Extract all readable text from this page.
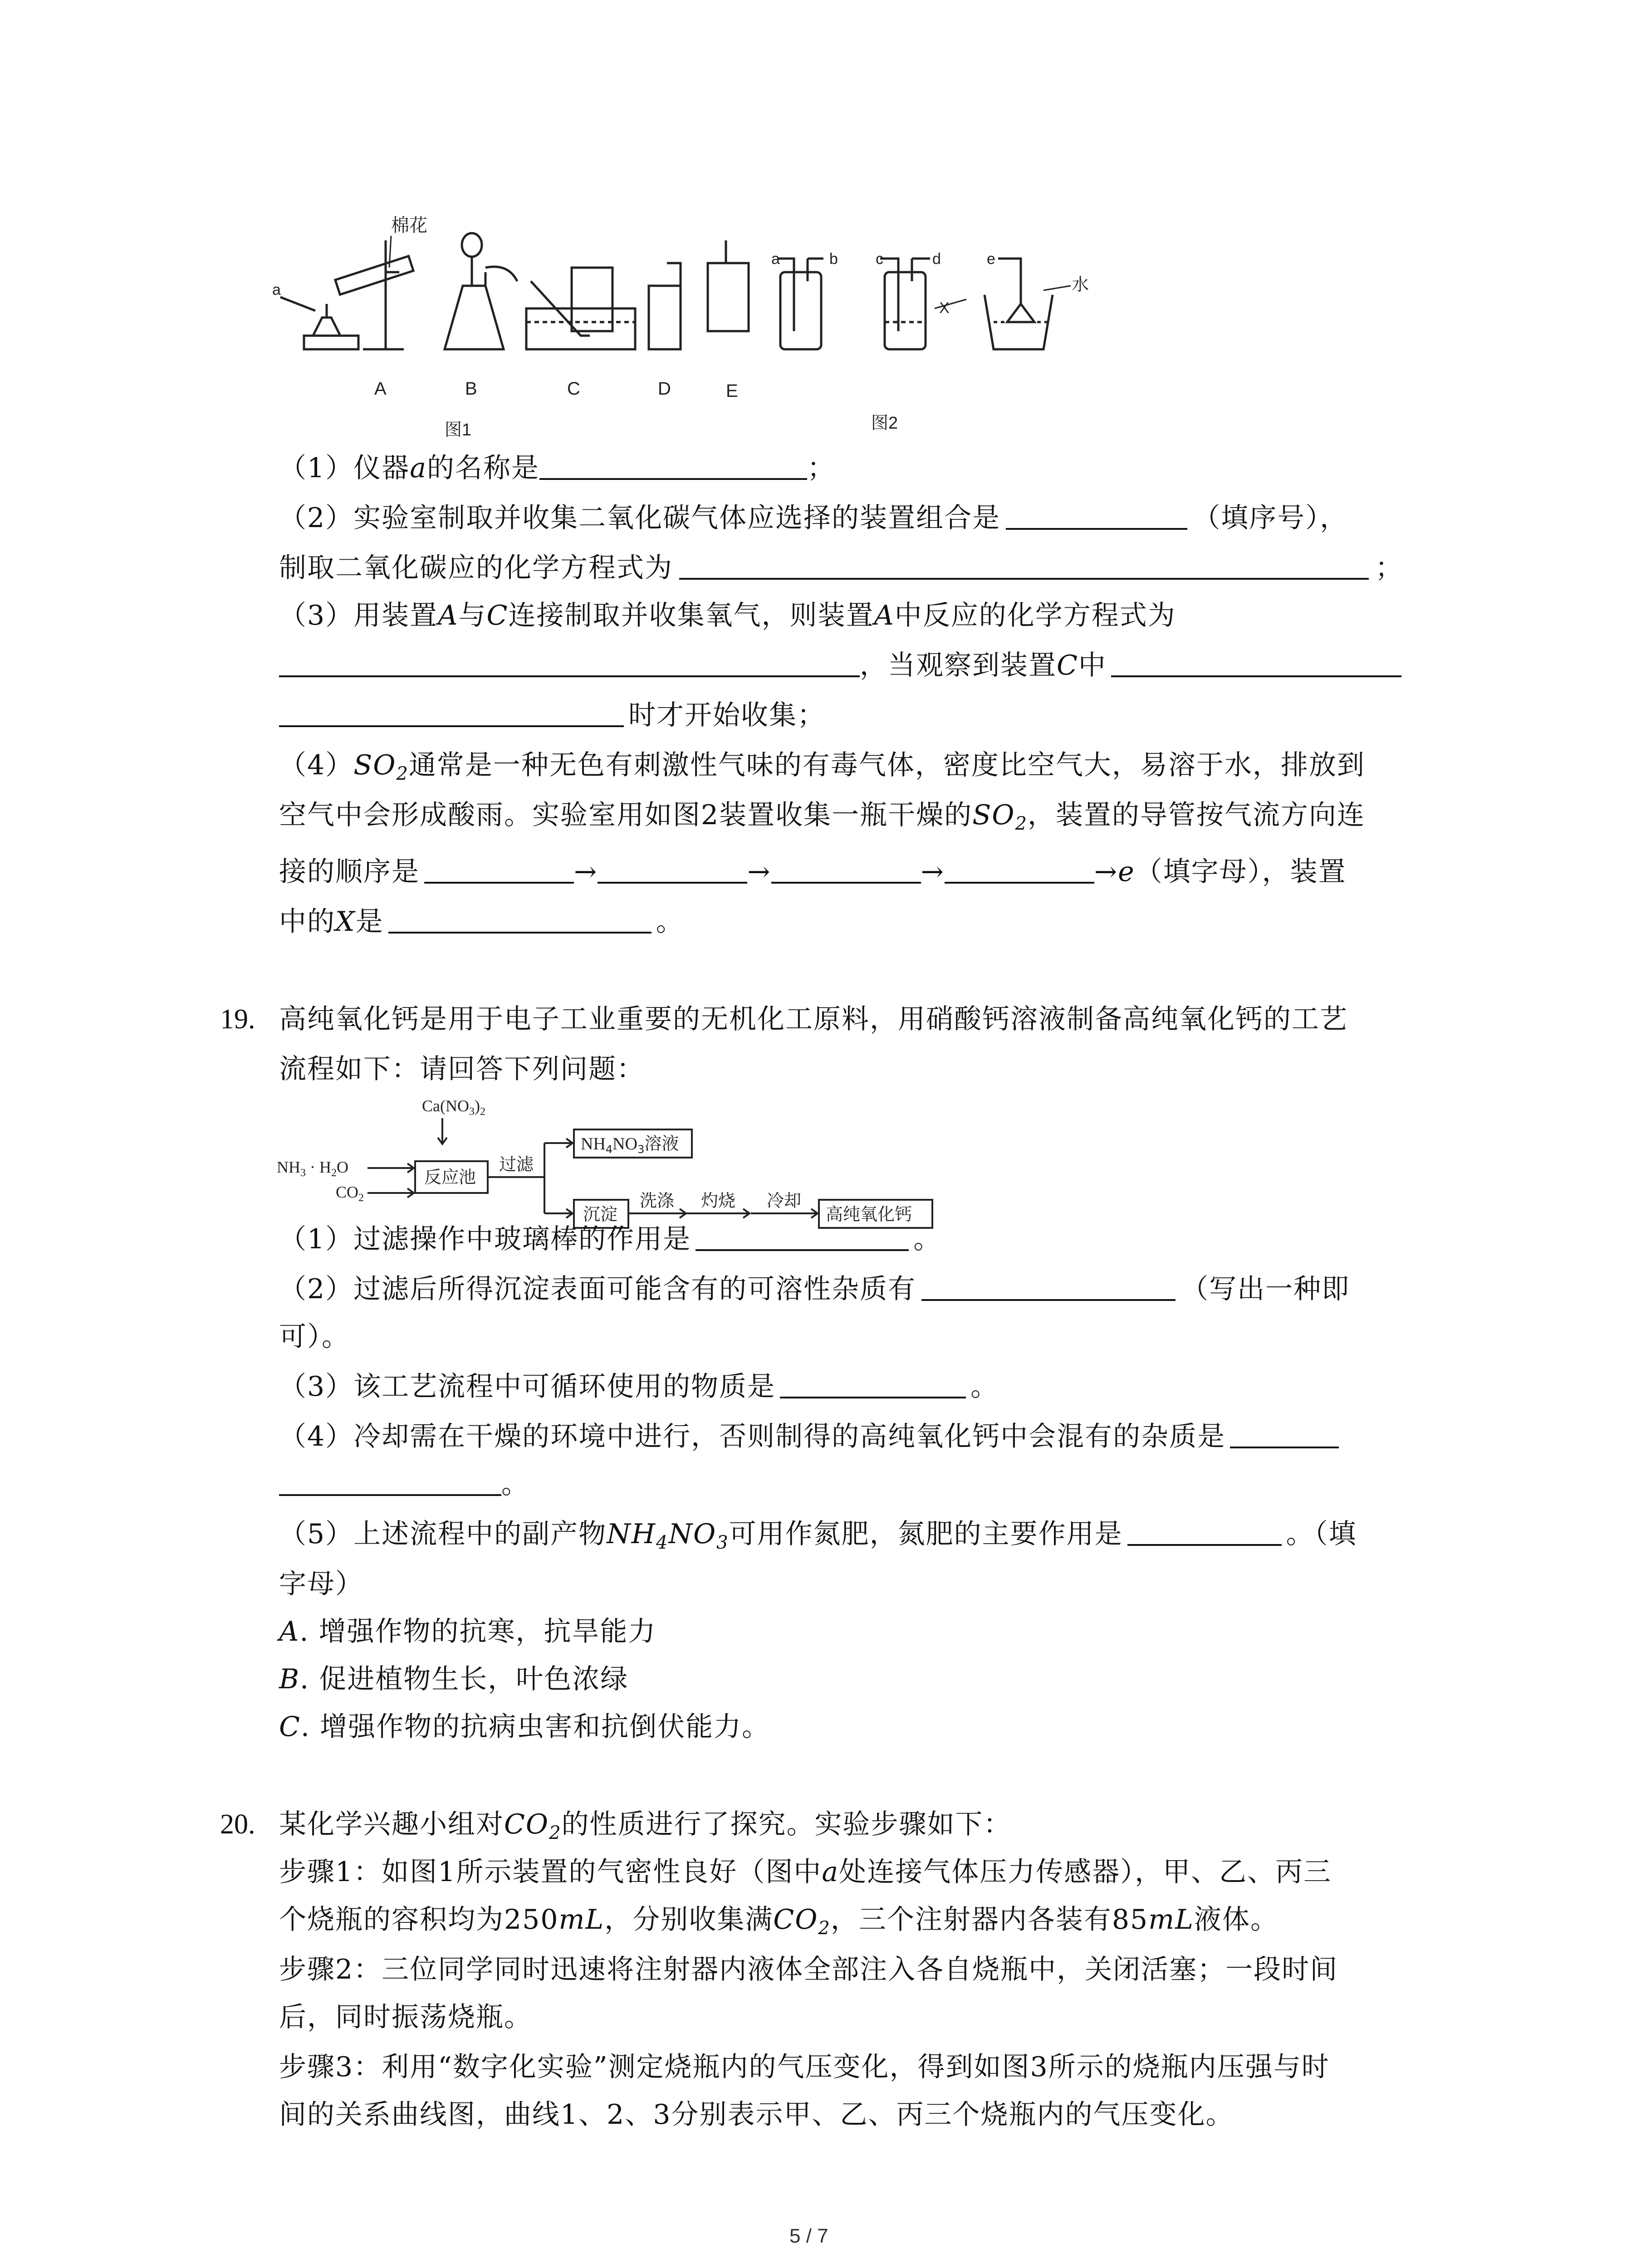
a
棉花
a	b c	d	e
X
水
A	B	C	D	E
图1	图2
（1）仪器a的名称是	；
（2）实验室制取并收集二氧化碳气体应选择的装置组合是	（填序号），
制取二氧化碳应的化学方程式为	；
（3）用装置A与C连接制取并收集氧气，则装置A中反应的化学方程式为
，当观察到装置C中
时才开始收集；
$(4)SO_2$通常是一种无色有刺激性气味的有毒气体，密度比空气大，易溶于水，排放到
空气中会形成酸雨。实验室用如图2装置收集一瓶干燥的$SO_2$，装置的导管按气流方向连
接的顺序是	→	→	→	→e（填字母），装置
中的X是	。
19. 高纯氧化钙是用于电子工业重要的无机化工原料，用硝酸钙溶液制备高纯氧化钙的工艺
流程如下：请回答下列问题：
$Ca(NO_3)_2$
$NH_3 \cdot H_2O$
$CO_2$
反应池
过滤
$NH_4NO_3$溶液
沉淀
洗涤 灼烧 冷却
高纯氧化钙
（1）过滤操作中玻璃棒的作用是	。
（2）过滤后所得沉淀表面可能含有的可溶性杂质有	（写出一种即
可）。
（3）该工艺流程中可循环使用的物质是	。
（4）冷却需在干燥的环境中进行，否则制得的高纯氧化钙中会混有的杂质是
。
（5）上述流程中的副产物$NH_4NO_3$可用作氮肥，氮肥的主要作用是	。（填
字母）
A. 增强作物的抗寒，抗旱能力
B. 促进植物生长，叶色浓绿
C. 增强作物的抗病虫害和抗倒伏能力。
20. 某化学兴趣小组对$CO_2$的性质进行了探究。实验步骤如下：
步骤1：如图1所示装置的气密性良好（图中a处连接气体压力传感器），甲、乙、丙三
个烧瓶的容积均为250mL，分别收集满$CO_2$，三个注射器内各装有85mL液体。
步骤2：三位同学同时迅速将注射器内液体全部注入各自烧瓶中，关闭活塞；一段时间
后，同时振荡烧瓶。
步骤3：利用“数字化实验”测定烧瓶内的气压变化，得到如图3所示的烧瓶内压强与时
间的关系曲线图，曲线1、2、3分别表示甲、乙、丙三个烧瓶内的气压变化。
5 / 7
